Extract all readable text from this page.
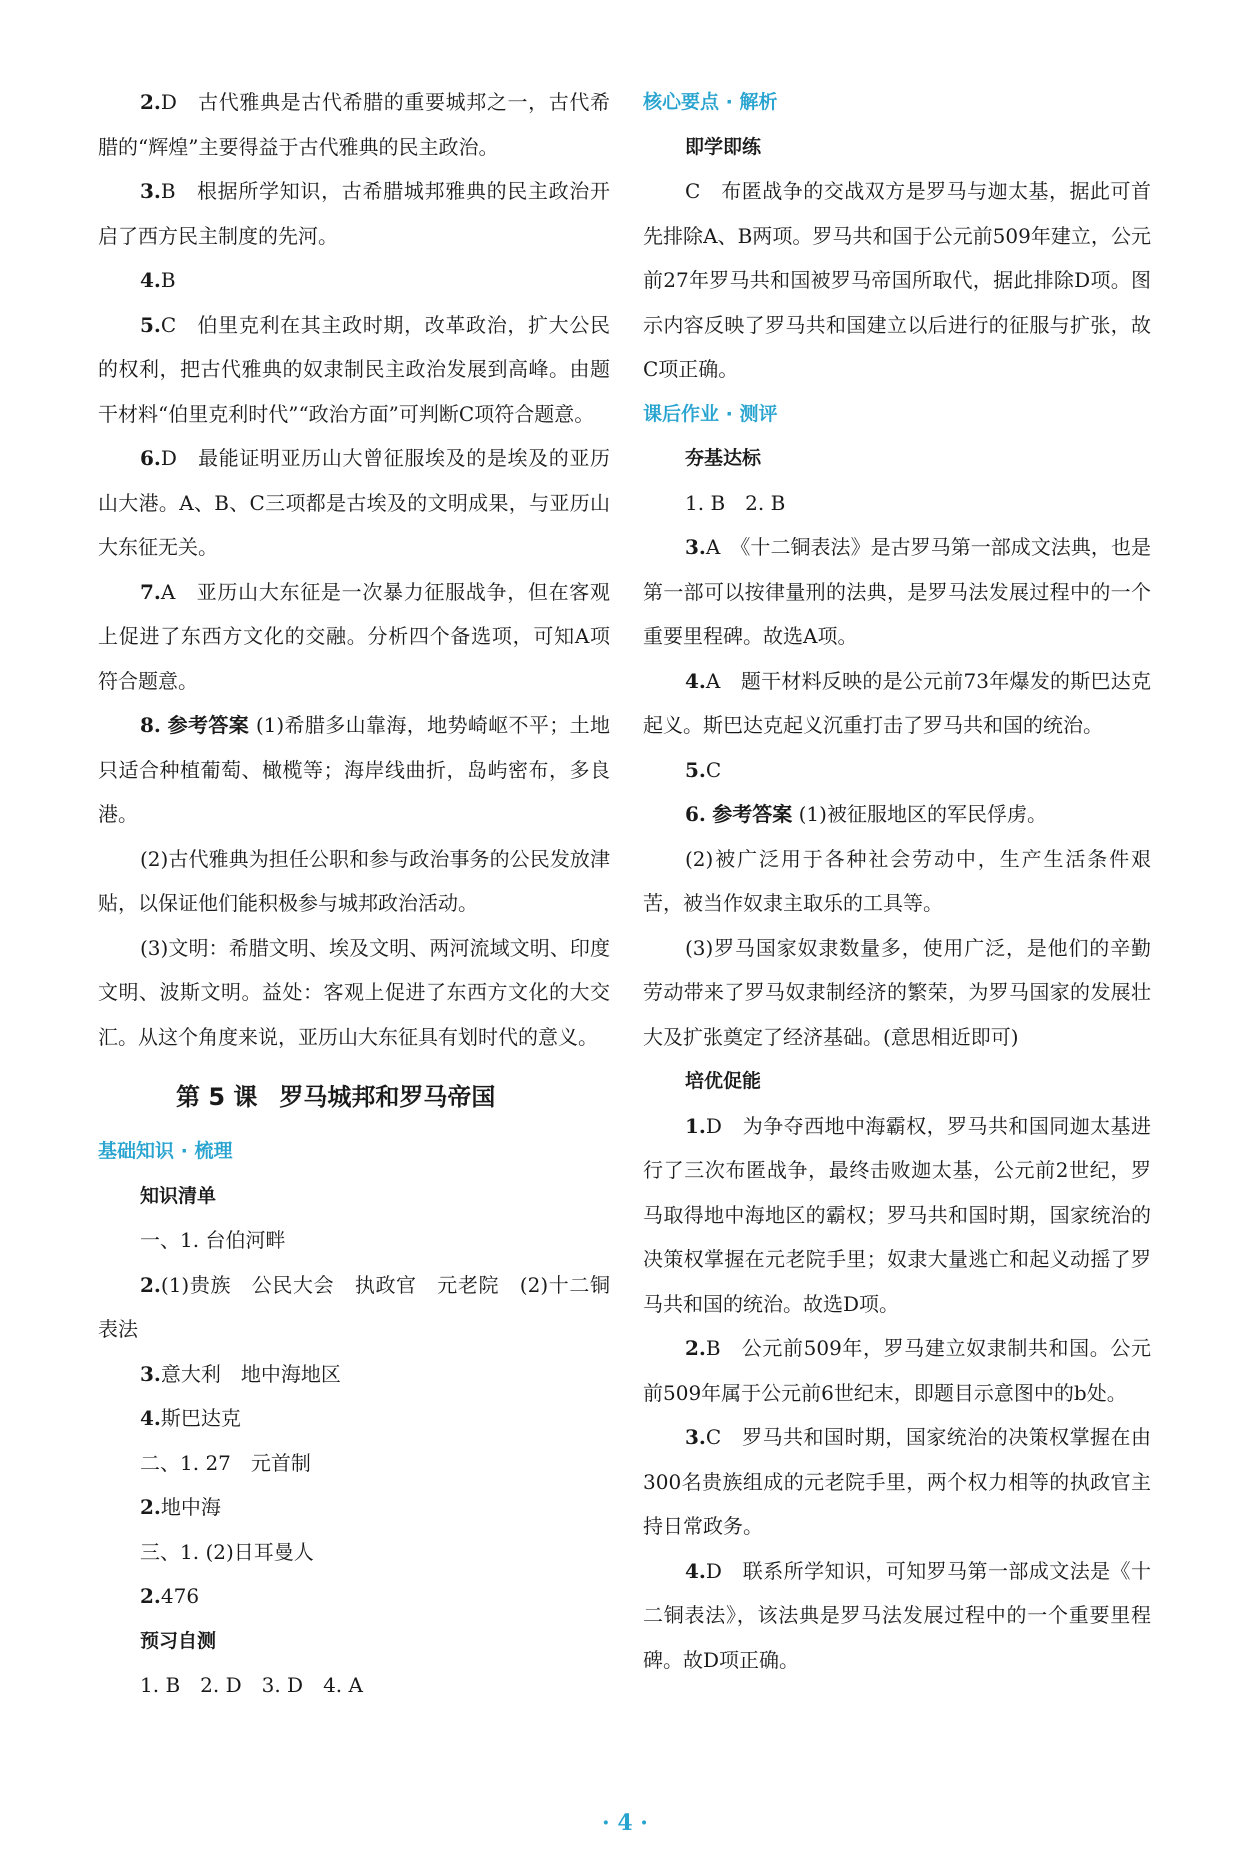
2.D　古代雅典是古代希腊的重要城邦之一，古代希腊的“辉煌”主要得益于古代雅典的民主政治。

3.B　根据所学知识，古希腊城邦雅典的民主政治开启了西方民主制度的先河。

4.B

5.C　伯里克利在其主政时期，改革政治，扩大公民的权利，把古代雅典的奴隶制民主政治发展到高峰。由题干材料“伯里克利时代”“政治方面”可判断C项符合题意。

6.D　最能证明亚历山大曾征服埃及的是埃及的亚历山大港。A、B、C三项都是古埃及的文明成果，与亚历山大东征无关。

7.A　亚历山大东征是一次暴力征服战争，但在客观上促进了东西方文化的交融。分析四个备选项，可知A项符合题意。

8. 参考答案 (1)希腊多山靠海，地势崎岖不平；土地只适合种植葡萄、橄榄等；海岸线曲折，岛屿密布，多良港。

(2)古代雅典为担任公职和参与政治事务的公民发放津贴，以保证他们能积极参与城邦政治活动。

(3)文明：希腊文明、埃及文明、两河流域文明、印度文明、波斯文明。益处：客观上促进了东西方文化的大交汇。从这个角度来说，亚历山大东征具有划时代的意义。

第 5 课 罗马城邦和罗马帝国

基础知识 · 梳理

知识清单

一、1. 台伯河畔

2.(1)贵族　公民大会　执政官　元老院　(2)十二铜表法

3.意大利　地中海地区

4.斯巴达克

二、1. 27　元首制

2.地中海

三、1. (2)日耳曼人

2.476

预习自测

1. B　2. D　3. D　4. A

核心要点 · 解析

即学即练

C　布匿战争的交战双方是罗马与迦太基，据此可首先排除A、B两项。罗马共和国于公元前509年建立，公元前27年罗马共和国被罗马帝国所取代，据此排除D项。图示内容反映了罗马共和国建立以后进行的征服与扩张，故C项正确。

课后作业 · 测评

夯基达标

1. B　2. B

3.A　《十二铜表法》是古罗马第一部成文法典，也是第一部可以按律量刑的法典，是罗马法发展过程中的一个重要里程碑。故选A项。

4.A　题干材料反映的是公元前73年爆发的斯巴达克起义。斯巴达克起义沉重打击了罗马共和国的统治。

5.C

6. 参考答案 (1)被征服地区的军民俘虏。

(2)被广泛用于各种社会劳动中，生产生活条件艰苦，被当作奴隶主取乐的工具等。

(3)罗马国家奴隶数量多，使用广泛，是他们的辛勤劳动带来了罗马奴隶制经济的繁荣，为罗马国家的发展壮大及扩张奠定了经济基础。(意思相近即可)

培优促能

1.D　为争夺西地中海霸权，罗马共和国同迦太基进行了三次布匿战争，最终击败迦太基，公元前2世纪，罗马取得地中海地区的霸权；罗马共和国时期，国家统治的决策权掌握在元老院手里；奴隶大量逃亡和起义动摇了罗马共和国的统治。故选D项。

2.B　公元前509年，罗马建立奴隶制共和国。公元前509年属于公元前6世纪末，即题目示意图中的b处。

3.C　罗马共和国时期，国家统治的决策权掌握在由300名贵族组成的元老院手里，两个权力相等的执政官主持日常政务。

4.D　联系所学知识，可知罗马第一部成文法是《十二铜表法》，该法典是罗马法发展过程中的一个重要里程碑。故D项正确。

· 4 ·
